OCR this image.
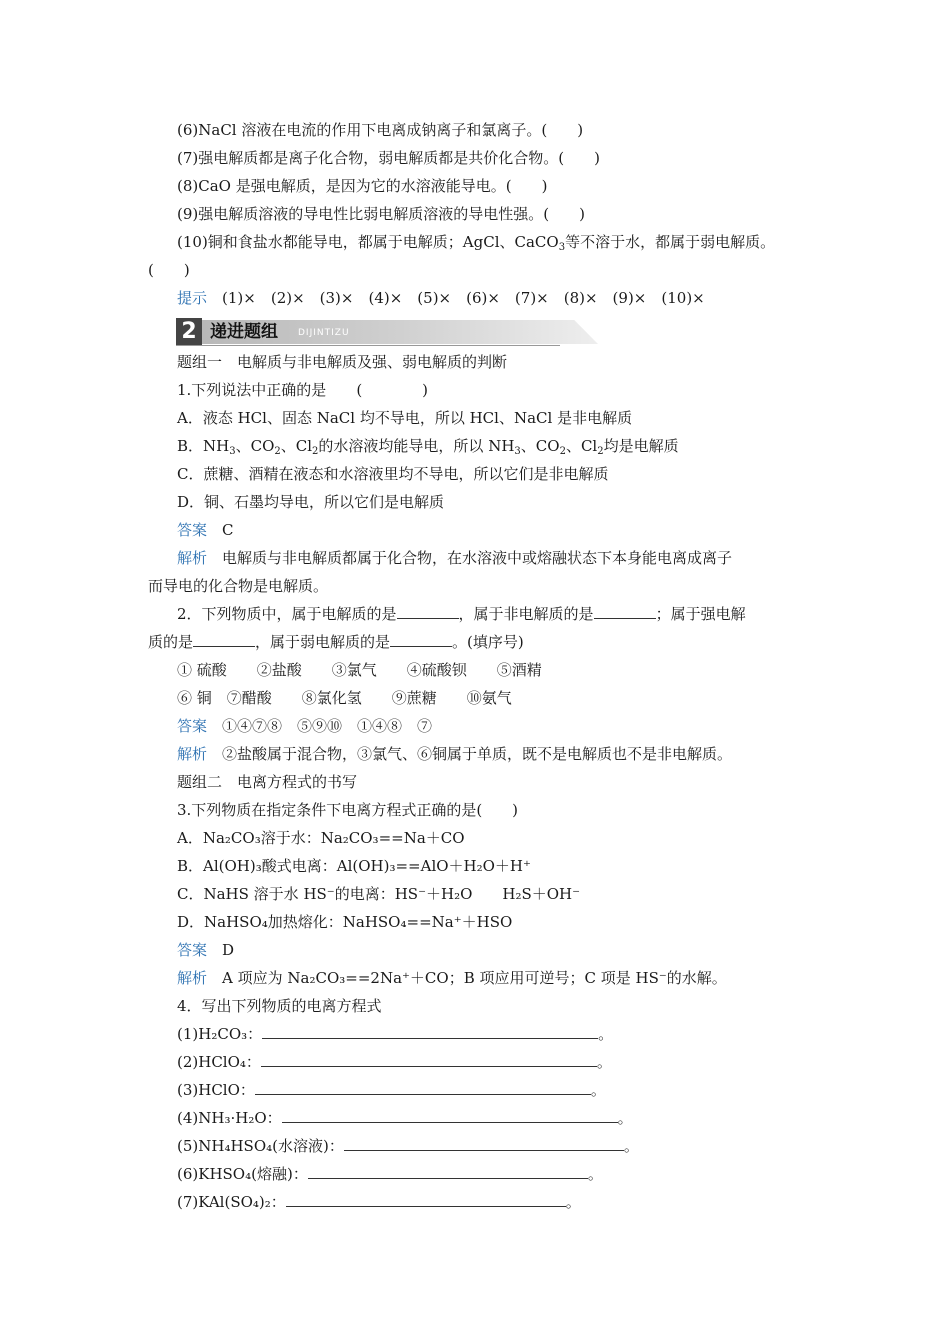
(6)NaCl 溶液在电流的作用下电离成钠离子和氯离子。(　　)
(7)强电解质都是离子化合物，弱电解质都是共价化合物。(　　)
(8)CaO 是强电解质，是因为它的水溶液能导电。(　　)
(9)强电解质溶液的导电性比弱电解质溶液的导电性强。(　　)
(10)铜和食盐水都能导电，都属于电解质；AgCl、CaCO$_3$等不溶于水，都属于弱电解质。
(　　)
提示　 (1)×　(2)×　(3)×　(4)×　(5)×　(6)×　(7)×　(8)×　(9)×　(10)×
2 递进题组 DIJINTIZU
题组一　电解质与非电解质及强、弱电解质的判断
1.下列说法中正确的是　　(　　　　)
A．液态 HCl、固态 NaCl 均不导电，所以 HCl、NaCl 是非电解质
B．$NH_3$、$CO_2$、$Cl_2$的水溶液均能导电，所以 $NH_3$、$CO_2$、$Cl_2$均是电解质
C．蔗糖、酒精在液态和水溶液里均不导电，所以它们是非电解质
D．铜、石墨均导电，所以它们是电解质
答案　 C
解析　 电解质与非电解质都属于化合物，在水溶液中或熔融状态下本身能电离成离子
而导电的化合物是电解质。
2．下列物质中，属于电解质的是	，属于非电解质的是	；属于强电解
质的是	，属于弱电解质的是	。(填序号)
① 硫酸　　②盐酸　　③氯气　　④硫酸钡　　⑤酒精
⑥ 铜　⑦醋酸　　⑧氯化氢　　⑨蔗糖　　⑩氨气
答案　 ①④⑦⑧　⑤⑨⑩　①④⑧　⑦
解析　 ②盐酸属于混合物，③氯气、⑥铜属于单质，既不是电解质也不是非电解质。
题组二　电离方程式的书写
3.下列物质在指定条件下电离方程式正确的是(　　)
A．Na₂CO₃溶于水：Na₂CO₃==Na＋CO
B．Al(OH)₃酸式电离：Al(OH)₃==AlO＋H₂O＋H⁺
C．NaHS 溶于水 HS⁻的电离：HS⁻＋H₂O　　H₂S＋OH⁻
D．NaHSO₄加热熔化：NaHSO₄==Na⁺＋HSO
答案　 D
解析　 A 项应为 Na₂CO₃==2Na⁺＋CO；B 项应用可逆号；C 项是 HS⁻的水解。
4．写出下列物质的电离方程式
(1)H₂CO₃：	。
(2)HClO₄：	。
(3)HClO：	。
(4)NH₃·H₂O：	。
(5)NH₄HSO₄(水溶液)：	。
(6)KHSO₄(熔融)：	。
(7)KAl(SO₄)₂：	。
